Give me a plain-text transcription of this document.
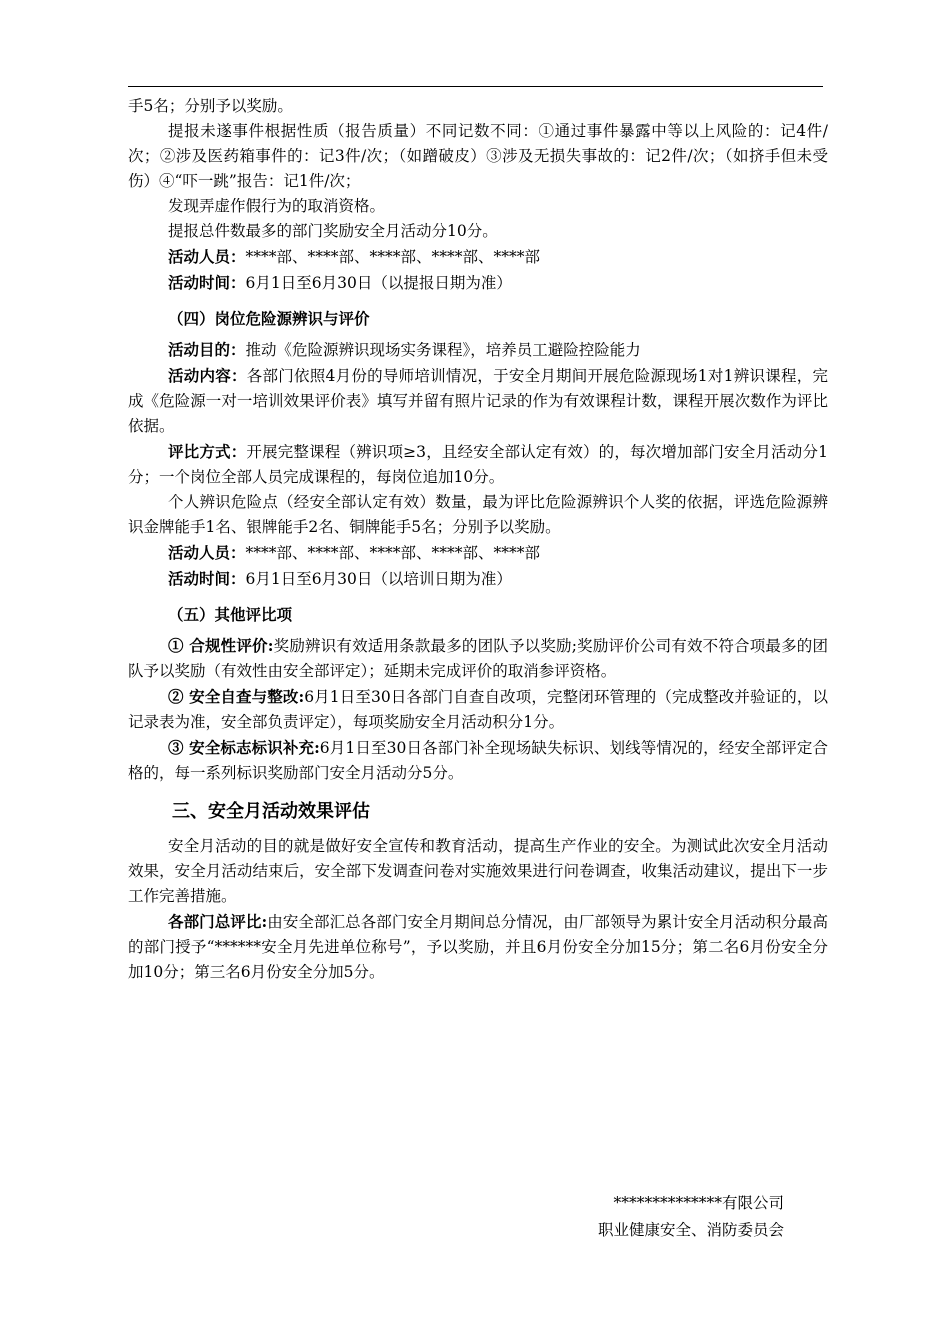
手5名；分别予以奖励。

提报未遂事件根据性质（报告质量）不同记数不同：①通过事件暴露中等以上风险的：记4件/次；②涉及医药箱事件的：记3件/次；（如蹭破皮）③涉及无损失事故的：记2件/次；（如挤手但未受伤）④“吓一跳”报告：记1件/次；

发现弄虚作假行为的取消资格。

提报总件数最多的部门奖励安全月活动分10分。

活动人员：****部、****部、****部、****部、****部

活动时间：6月1日至6月30日（以提报日期为准）

（四）岗位危险源辨识与评价

活动目的：推动《危险源辨识现场实务课程》，培养员工避险控险能力

活动内容：各部门依照4月份的导师培训情况，于安全月期间开展危险源现场1对1辨识课程，完成《危险源一对一培训效果评价表》填写并留有照片记录的作为有效课程计数，课程开展次数作为评比依据。

评比方式：开展完整课程（辨识项≥3，且经安全部认定有效）的，每次增加部门安全月活动分1分；一个岗位全部人员完成课程的，每岗位追加10分。

个人辨识危险点（经安全部认定有效）数量，最为评比危险源辨识个人奖的依据，评选危险源辨识金牌能手1名、银牌能手2名、铜牌能手5名；分别予以奖励。

活动人员：****部、****部、****部、****部、****部

活动时间：6月1日至6月30日（以培训日期为准）

（五）其他评比项

① 合规性评价:奖励辨识有效适用条款最多的团队予以奖励;奖励评价公司有效不符合项最多的团队予以奖励（有效性由安全部评定）；延期未完成评价的取消参评资格。

② 安全自查与整改:6月1日至30日各部门自查自改项，完整闭环管理的（完成整改并验证的，以记录表为准，安全部负责评定），每项奖励安全月活动积分1分。

③ 安全标志标识补充:6月1日至30日各部门补全现场缺失标识、划线等情况的，经安全部评定合格的，每一系列标识奖励部门安全月活动分5分。

三、安全月活动效果评估

安全月活动的目的就是做好安全宣传和教育活动，提高生产作业的安全。为测试此次安全月活动效果，安全月活动结束后，安全部下发调查问卷对实施效果进行问卷调查，收集活动建议，提出下一步工作完善措施。

各部门总评比:由安全部汇总各部门安全月期间总分情况，由厂部领导为累计安全月活动积分最高的部门授予“******安全月先进单位称号”，予以奖励，并且6月份安全分加15分；第二名6月份安全分加10分；第三名6月份安全分加5分。

**************有限公司
职业健康安全、消防委员会
